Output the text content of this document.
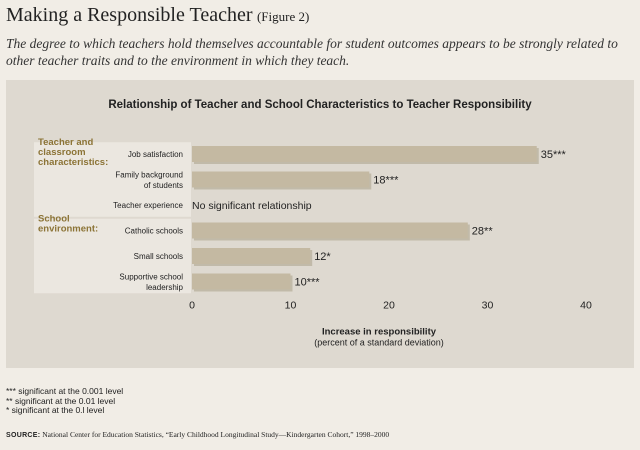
Making a Responsible Teacher (Figure 2)
The degree to which teachers hold themselves accountable for student outcomes appears to be strongly related to other teacher traits and to the environment in which they teach.
Relationship of Teacher and School Characteristics to Teacher Responsibility
Teacher and
classroom
characteristics:
Job satisfaction	35***
Family background
of students	18***
Teacher experience No significant relationship
School
environment:	Catholic schools	28**
Small schools	12*
Supportive school
leadership	10***
0	10	20	30	40
Increase in responsibility
(percent of a standard deviation)
*** significant at the 0.001 level
** significant at the 0.01 level
* significant at the 0.l level
SOURCE: National Center for Education Statistics, “Early Childhood Longitudinal Study—Kindergarten Cohort,” 1998–2000
